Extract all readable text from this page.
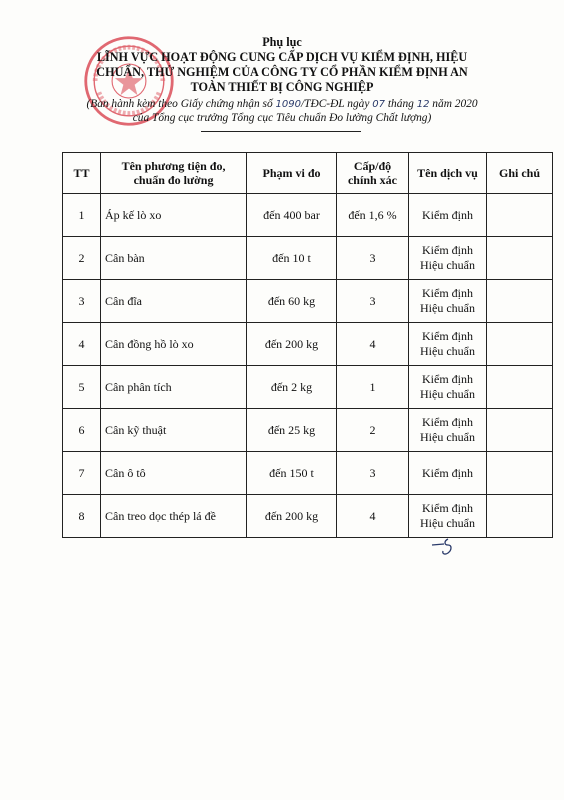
Phụ lục
LĨNH VỰC HOẠT ĐỘNG CUNG CẤP DỊCH VỤ KIỂM ĐỊNH, HIỆU
CHUẨN, THỬ NGHIỆM CỦA CÔNG TY CỔ PHẦN KIỂM ĐỊNH AN
TOÀN THIẾT BỊ CÔNG NGHIỆP
(Ban hành kèm theo Giấy chứng nhận số 1090/TĐC-ĐL ngày 07 tháng 12 năm 2020
của Tổng cục trưởng Tổng cục Tiêu chuẩn Đo lường Chất lượng)
TT	Tên phương tiện đo, chuẩn đo lường	Phạm vi đo	Cấp/độ chính xác	Tên dịch vụ	Ghi chú
1	Áp kế lò xo	đến 400 bar	đến 1,6 %	Kiểm định	

2	Cân bàn	đến 10 t	3	Kiểm định
Hiệu chuẩn	

3	Cân đĩa	đến 60 kg	3	Kiểm định
Hiệu chuẩn	

4	Cân đồng hồ lò xo	đến 200 kg	4	Kiểm định
Hiệu chuẩn	

5	Cân phân tích	đến 2 kg	1	Kiểm định
Hiệu chuẩn	

6	Cân kỹ thuật	đến 25 kg	2	Kiểm định
Hiệu chuẩn	

7	Cân ô tô	đến 150 t	3	Kiểm định	

8	Cân treo dọc thép lá đề	đến 200 kg	4	Kiểm định
Hiệu chuẩn	
